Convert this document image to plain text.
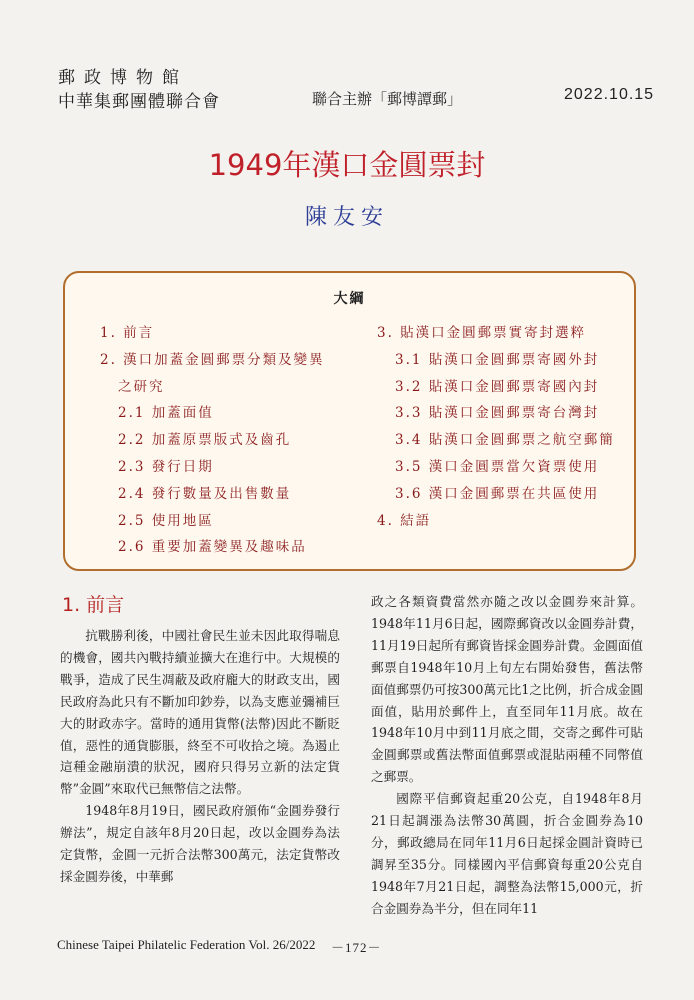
郵政博物館
中華集郵團體聯合會	聯合主辦「郵博譚郵」	2022.10.15
1949年漢口金圓票封
陳友安
大綱
1. 前言
2. 漢口加蓋金圓郵票分類及變異
之研究
2.1 加蓋面值
2.2 加蓋原票版式及齒孔
2.3 發行日期
2.4 發行數量及出售數量
2.5 使用地區
2.6 重要加蓋變異及趣味品
3. 貼漢口金圓郵票實寄封選粹
3.1 貼漢口金圓郵票寄國外封
3.2 貼漢口金圓郵票寄國內封
3.3 貼漢口金圓郵票寄台灣封
3.4 貼漢口金圓郵票之航空郵簡
3.5 漢口金圓票當欠資票使用
3.6 漢口金圓郵票在共區使用
4. 結語
1. 前言

抗戰勝利後，中國社會民生並未因此取得喘息的機會，國共內戰持續並擴大在進行中。大規模的戰爭，造成了民生凋蔽及政府龐大的財政支出，國民政府為此只有不斷加印鈔券，以為支應並彌補巨大的財政赤字。當時的通用貨幣(法幣)因此不斷貶值，惡性的通貨膨脹，終至不可收拾之境。為遏止這種金融崩潰的狀況，國府只得另立新的法定貨幣”金圓”來取代已無幣信之法幣。

1948年8月19日，國民政府頒佈“金圓券發行辦法”，規定自該年8月20日起，改以金圓券為法定貨幣，金圓一元折合法幣300萬元，法定貨幣改採金圓券後，中華郵

政之各類資費當然亦隨之改以金圓券來計算。1948年11月6日起，國際郵資改以金圓券計費，11月19日起所有郵資皆採金圓券計費。金圓面值郵票自1948年10月上旬左右開始發售，舊法幣面值郵票仍可按300萬元比1之比例，折合成金圓面值，貼用於郵件上，直至同年11月底。故在1948年10月中到11月底之間，交寄之郵件可貼金圓郵票或舊法幣面值郵票或混貼兩種不同幣值之郵票。

國際平信郵資起重20公克，自1948年8月21日起調漲為法幣30萬圓，折合金圓券為10分，郵政總局在同年11月6日起採金圓計資時已調昇至35分。同樣國內平信郵資每重20公克自1948年7月21日起，調整為法幣15,000元，折合金圓券為半分，但在同年11

Chinese Taipei Philatelic Federation Vol. 26/2022 －172－
